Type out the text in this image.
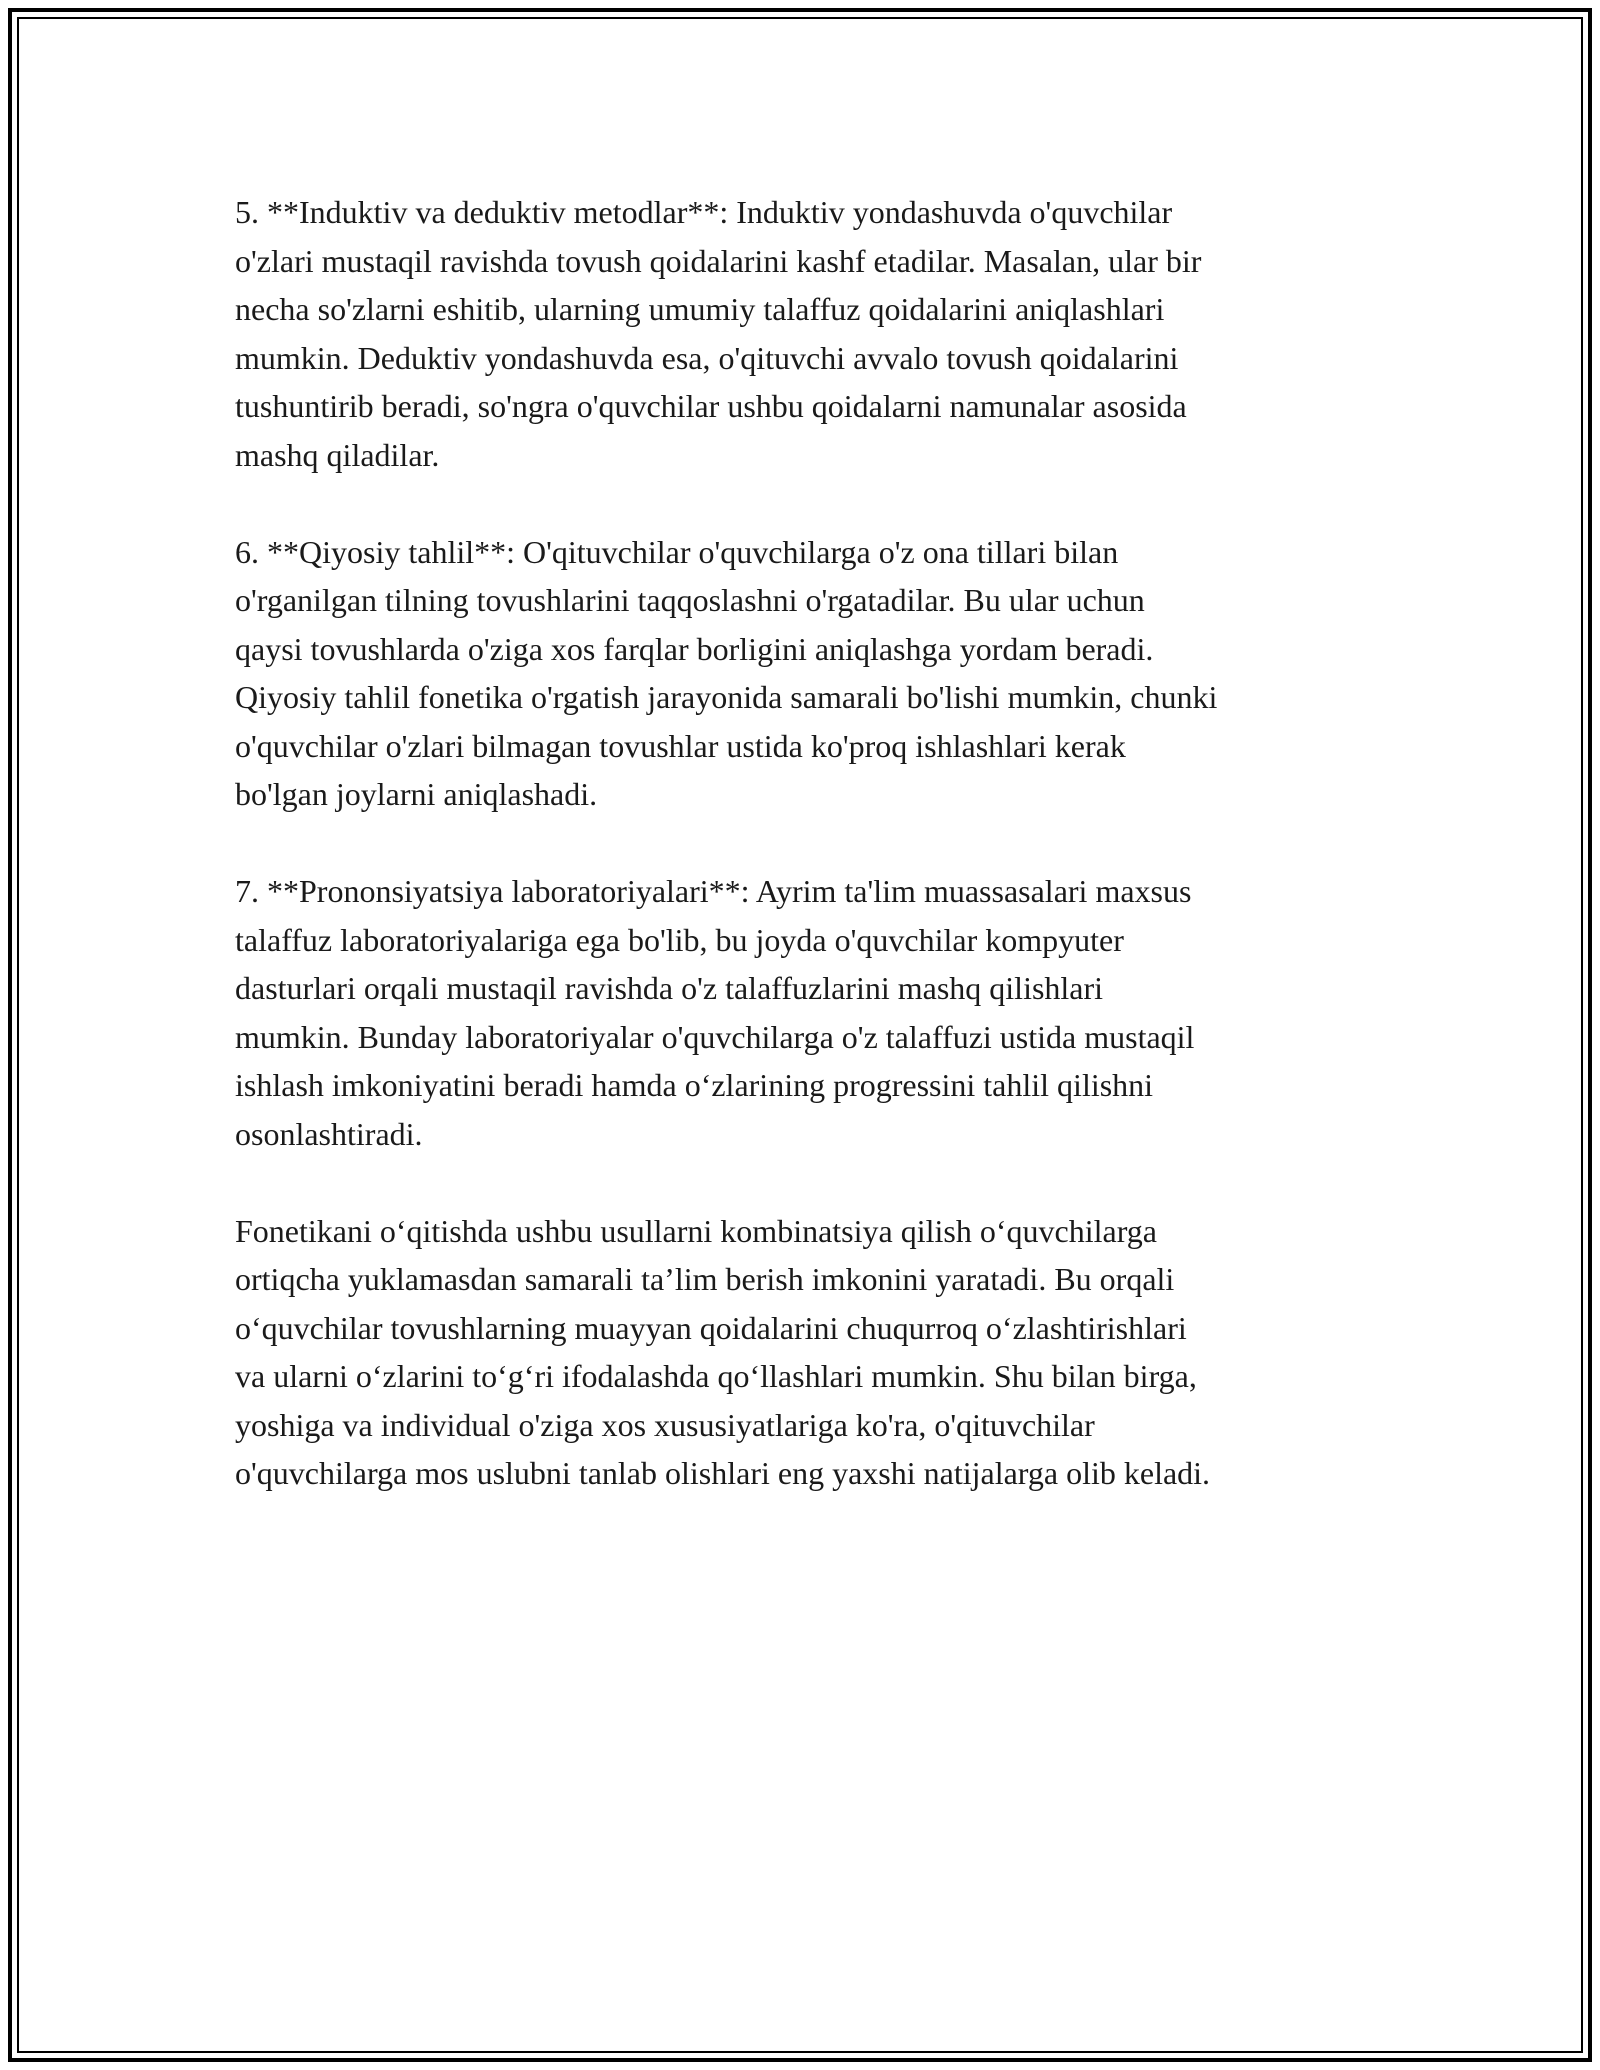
5. **Induktiv va deduktiv metodlar**: Induktiv yondashuvda o'quvchilar
o'zlari mustaqil ravishda tovush qoidalarini kashf etadilar. Masalan, ular bir
necha so'zlarni eshitib, ularning umumiy talaffuz qoidalarini aniqlashlari
mumkin. Deduktiv yondashuvda esa, o'qituvchi avvalo tovush qoidalarini
tushuntirib beradi, so'ngra o'quvchilar ushbu qoidalarni namunalar asosida
mashq qiladilar.

6. **Qiyosiy tahlil**: O'qituvchilar o'quvchilarga o'z ona tillari bilan
o'rganilgan tilning tovushlarini taqqoslashni o'rgatadilar. Bu ular uchun
qaysi tovushlarda o'ziga xos farqlar borligini aniqlashga yordam beradi.
Qiyosiy tahlil fonetika o'rgatish jarayonida samarali bo'lishi mumkin, chunki
o'quvchilar o'zlari bilmagan tovushlar ustida ko'proq ishlashlari kerak
bo'lgan joylarni aniqlashadi.

7. **Prononsiyatsiya laboratoriyalari**: Ayrim ta'lim muassasalari maxsus
talaffuz laboratoriyalariga ega bo'lib, bu joyda o'quvchilar kompyuter
dasturlari orqali mustaqil ravishda o'z talaffuzlarini mashq qilishlari
mumkin. Bunday laboratoriyalar o'quvchilarga o'z talaffuzi ustida mustaqil
ishlash imkoniyatini beradi hamda o‘zlarining progressini tahlil qilishni
osonlashtiradi.

Fonetikani o‘qitishda ushbu usullarni kombinatsiya qilish o‘quvchilarga
ortiqcha yuklamasdan samarali ta’lim berish imkonini yaratadi. Bu orqali
o‘quvchilar tovushlarning muayyan qoidalarini chuqurroq o‘zlashtirishlari
va ularni o‘zlarini to‘g‘ri ifodalashda qo‘llashlari mumkin. Shu bilan birga,
yoshiga va individual o'ziga xos xususiyatlariga ko'ra, o'qituvchilar
o'quvchilarga mos uslubni tanlab olishlari eng yaxshi natijalarga olib keladi.
